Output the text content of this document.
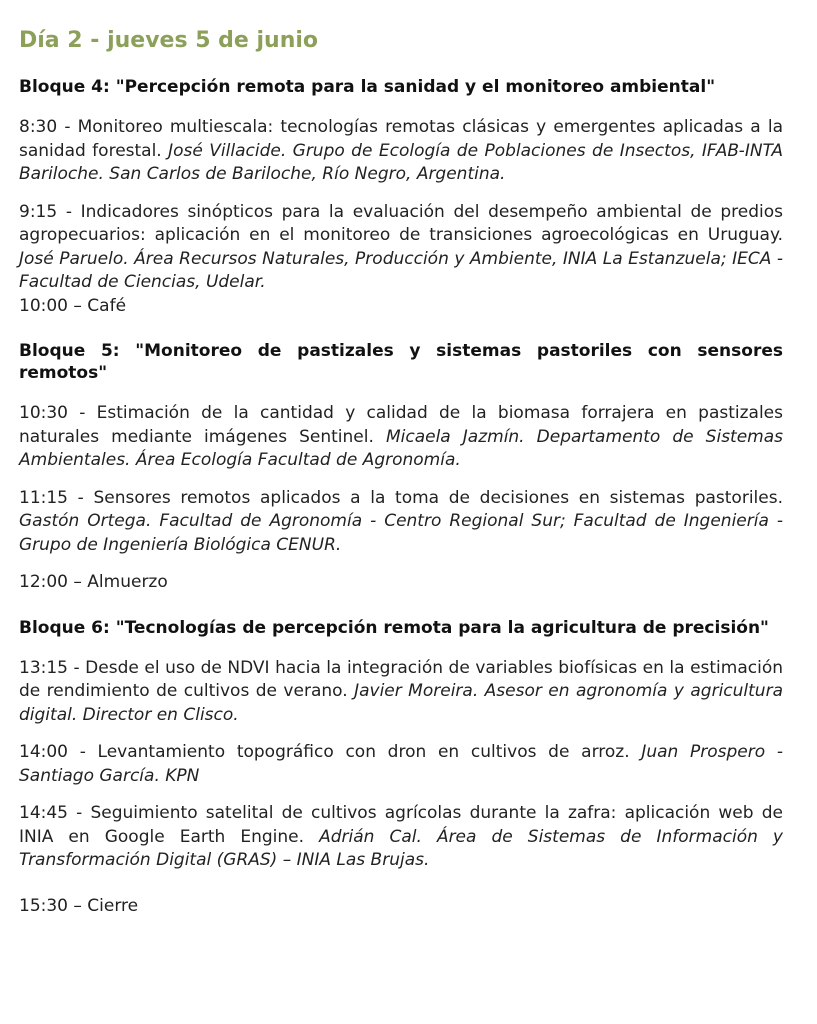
Día 2 - jueves 5 de junio
Bloque 4: "Percepción remota para la sanidad y el monitoreo ambiental"

8:30 - Monitoreo multiescala: tecnologías remotas clásicas y emergentes aplicadas a la sanidad forestal. José Villacide. Grupo de Ecología de Poblaciones de Insectos, IFAB-INTA Bariloche. San Carlos de Bariloche, Río Negro, Argentina.

9:15 - Indicadores sinópticos para la evaluación del desempeño ambiental de predios agropecuarios: aplicación en el monitoreo de transiciones agroecológicas en Uruguay. José Paruelo. Área Recursos Naturales, Producción y Ambiente, INIA La Estanzuela; IECA - Facultad de Ciencias, Udelar.

10:00 – Café
Bloque 5: "Monitoreo de pastizales y sistemas pastoriles con sensores remotos"

10:30 - Estimación de la cantidad y calidad de la biomasa forrajera en pastizales naturales mediante imágenes Sentinel. Micaela Jazmín. Departamento de Sistemas Ambientales. Área Ecología Facultad de Agronomía.

11:15 - Sensores remotos aplicados a la toma de decisiones en sistemas pastoriles. Gastón Ortega. Facultad de Agronomía - Centro Regional Sur; Facultad de Ingeniería -Grupo de Ingeniería Biológica CENUR.

12:00 – Almuerzo
Bloque 6: "Tecnologías de percepción remota para la agricultura de precisión"

13:15 - Desde el uso de NDVI hacia la integración de variables biofísicas en la estimación de rendimiento de cultivos de verano. Javier Moreira. Asesor en agronomía y agricultura digital. Director en Clisco.

14:00 - Levantamiento topográfico con dron en cultivos de arroz. Juan Prospero - Santiago García. KPN

14:45 - Seguimiento satelital de cultivos agrícolas durante la zafra: aplicación web de INIA en Google Earth Engine. Adrián Cal. Área de Sistemas de Información y Transformación Digital (GRAS) – INIA Las Brujas.

15:30 – Cierre
